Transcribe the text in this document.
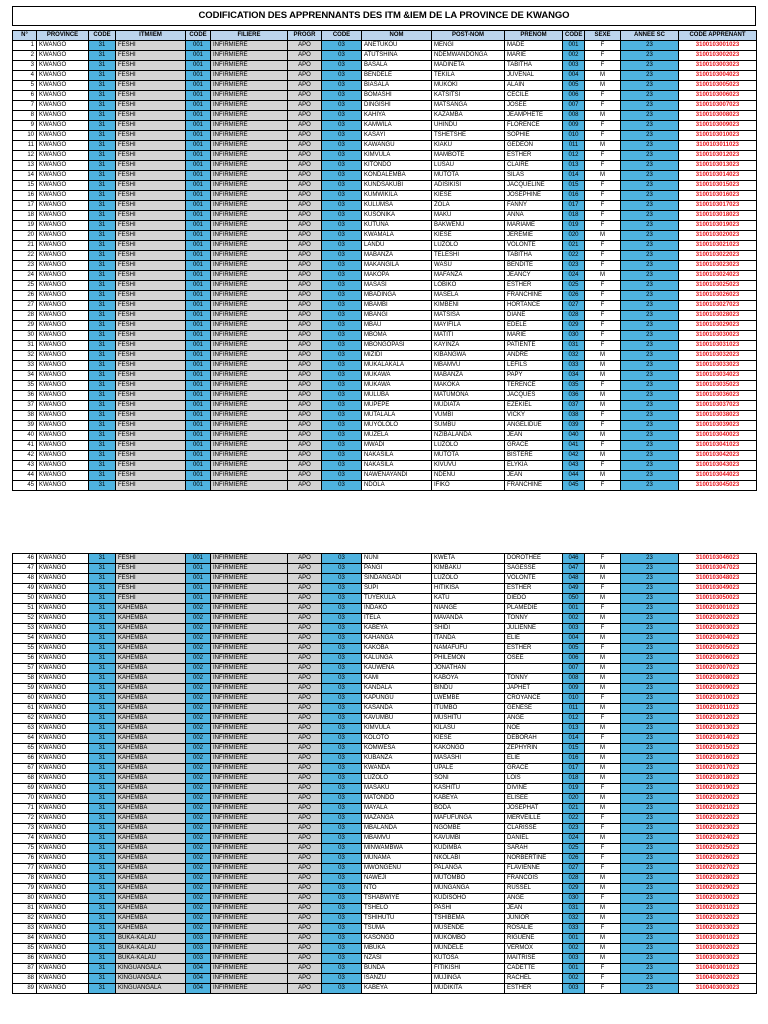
CODIFICATION DES APPRENNANTS DES ITM &IEM DE LA PROVINCE DE KWANGO
N°	PROVINCE	CODE	ITM/IEM	CODE	FILIERE	PROGR	CODE	NOM	POST-NOM	PRENOM	CODE	SEXE	ANNEE SC	CODE APPRENANT
1	KWANGO	31	FESHI	001	INFIRMIERE	APO	03	ANETUKOU	MENGI	MADE	001	F	23	3100103001023
2	KWANGO	31	FESHI	001	INFIRMIERE	APO	03	ATUTSHINA	NDEMWANDONGA	MARIE	002	F	23	3100103002023
3	KWANGO	31	FESHI	001	INFIRMIERE	APO	03	BASALA	MADINETA	TABITHA	003	F	23	3100103003023
4	KWANGO	31	FESHI	001	INFIRMIERE	APO	03	BENDELE	TEKILA	JUVENAL	004	M	23	3100103004023
5	KWANGO	31	FESHI	001	INFIRMIERE	APO	03	BIASALA	MUKOKI	ALAIN	005	M	23	3100103005023
6	KWANGO	31	FESHI	001	INFIRMIERE	APO	03	BOMASHI	KATSITSI	CECILE	006	F	23	3100103006023
7	KWANGO	31	FESHI	001	INFIRMIERE	APO	03	DINGISHI	MATSANGA	JOSEE	007	F	23	3100103007023
8	KWANGO	31	FESHI	001	INFIRMIERE	APO	03	KAHIYA	KAZAMBA	JEAMPHETE	008	M	23	3100103008023
9	KWANGO	31	FESHI	001	INFIRMIERE	APO	03	KAMWILA	UHINDU	FLORENCE	009	F	23	3100103009023
10	KWANGO	31	FESHI	001	INFIRMIERE	APO	03	KASAYI	TSHETSHE	SOPHIE	010	F	23	3100103010023
11	KWANGO	31	FESHI	001	INFIRMIERE	APO	03	KAWANGU	KIAKU	GEDEON	011	M	23	3100103011023
12	KWANGO	31	FESHI	001	INFIRMIERE	APO	03	KIMVULA	MAMBOTE	ESTHER	012	F	23	3100103012023
13	KWANGO	31	FESHI	001	INFIRMIERE	APO	03	KITONDO	LUSAU	CLAIRE	013	F	23	3100103013023
14	KWANGO	31	FESHI	001	INFIRMIERE	APO	03	KONDALEMBA	MUTOTA	SILAS	014	M	23	3100103014023
15	KWANGO	31	FESHI	001	INFIRMIERE	APO	03	KUNDSAKUBI	ADISIKISI	JACQUELINE	015	F	23	3100103015023
16	KWANGO	31	FESHI	001	INFIRMIERE	APO	03	KUMWIKILA	KIESE	JOSEPHINE	016	F	23	3100103016023
17	KWANGO	31	FESHI	001	INFIRMIERE	APO	03	KULUMSA	ZOLA	FANNY	017	F	23	3100103017023
18	KWANGO	31	FESHI	001	INFIRMIERE	APO	03	KUSONIKA	MAKU	ANNA	018	F	23	3100103018023
19	KWANGO	31	FESHI	001	INFIRMIERE	APO	03	KUTUNA	BAKWENU	MARIAME	019	F	23	3100103019023
20	KWANGO	31	FESHI	001	INFIRMIERE	APO	03	KWAMALA	KIESE	JEREMIE	020	M	23	3100103020023
21	KWANGO	31	FESHI	001	INFIRMIERE	APO	03	LANDU	LUZOLO	VOLONTE	021	F	23	3100103021023
22	KWANGO	31	FESHI	001	INFIRMIERE	APO	03	MABANZA	TELESHI	TABITHA	022	F	23	3100103022023
23	KWANGO	31	FESHI	001	INFIRMIERE	APO	03	MAKANGILA	WASU	BENDITE	023	F	23	3100103023023
24	KWANGO	31	FESHI	001	INFIRMIERE	APO	03	MAKOPA	MAFANZA	JEANCY	024	M	23	3100103024023
25	KWANGO	31	FESHI	001	INFIRMIERE	APO	03	MASASI	LOBIKO	ESTHER	025	F	23	3100103025023
26	KWANGO	31	FESHI	001	INFIRMIERE	APO	03	MBADINGA	MASELA	FRANCHINE	026	F	23	3100103026023
27	KWANGO	31	FESHI	001	INFIRMIERE	APO	03	MBAMBI	KIMBENI	HORTANCE	027	F	23	3100103027023
28	KWANGO	31	FESHI	001	INFIRMIERE	APO	03	MBANGI	MATSISA	DIANE	028	F	23	3100103028023
29	KWANGO	31	FESHI	001	INFIRMIERE	APO	03	MBAU	MAYIFILA	EDELE	029	F	23	3100103029023
30	KWANGO	31	FESHI	001	INFIRMIERE	APO	03	MBOMA	MATITI	MARIE	030	F	23	3100103030023
31	KWANGO	31	FESHI	001	INFIRMIERE	APO	03	MBONGOPASI	KAYINZA	PATIENTE	031	F	23	3100103031023
32	KWANGO	31	FESHI	001	INFIRMIERE	APO	03	MIZIDI	KIBANGWA	ANDRE	032	M	23	3100103032023
33	KWANGO	31	FESHI	001	INFIRMIERE	APO	03	MUKALAKALA	MBAMVU	LEFILS	033	M	23	3100103033023
34	KWANGO	31	FESHI	001	INFIRMIERE	APO	03	MUKAWA	MABANZA	PAPY	034	M	23	3100103034023
35	KWANGO	31	FESHI	001	INFIRMIERE	APO	03	MUKAWA	MAKOKA	TERENCE	035	F	23	3100103035023
36	KWANGO	31	FESHI	001	INFIRMIERE	APO	03	MULUBA	MATUMONA	JACQUES	036	M	23	3100103036023
37	KWANGO	31	FESHI	001	INFIRMIERE	APO	03	MUPEPE	MUDIATA	EZEKIEL	037	M	23	3100103037023
38	KWANGO	31	FESHI	001	INFIRMIERE	APO	03	MUTALALA	VUMBI	VICKY	038	F	23	3100103038023
39	KWANGO	31	FESHI	001	INFIRMIERE	APO	03	MUYOLOLO	SUMBU	ANGELIDUE	039	F	23	3100103039023
40	KWANGO	31	FESHI	001	INFIRMIERE	APO	03	MUZELA	NZIBALANDA	JEAN	040	M	23	3100103040023
41	KWANGO	31	FESHI	001	INFIRMIERE	APO	03	MWADI	LUZOLO	GRACE	041	F	23	3100103041023
42	KWANGO	31	FESHI	001	INFIRMIERE	APO	03	NAKASILA	MUTOTA	BISTERE	042	M	23	3100103042023
43	KWANGO	31	FESHI	001	INFIRMIERE	APO	03	NAKASILA	KIVUVU	ELYKIA	043	F	23	3100103043023
44	KWANGO	31	FESHI	001	INFIRMIERE	APO	03	NAWENAYANDI	NDENU	JEAN	044	M	23	3100103044023
45	KWANGO	31	FESHI	001	INFIRMIERE	APO	03	NDOLA	IFIKO	FRANCHINE	045	F	23	3100103045023
46	KWANGO	31	FESHI	001	INFIRMIERE	APO	03	NUNI	KWETA	DOROTHEE	046	F	23	3100103046023
47	KWANGO	31	FESHI	001	INFIRMIERE	APO	03	PANGI	KIMBAKU	SAGESSE	047	M	23	3100103047023
48	KWANGO	31	FESHI	001	INFIRMIERE	APO	03	SINDANGADI	LUZOLO	VOLONTE	048	M	23	3100103048023
49	KWANGO	31	FESHI	001	INFIRMIERE	APO	03	SUPI	HITIKISA	ESTHER	049	F	23	3100103049023
50	KWANGO	31	FESHI	001	INFIRMIERE	APO	03	TUYEKULA	KATU	DIEDO	050	M	23	3100103050023
51	KWANGO	31	KAHEMBA	002	INFIRMIERE	APO	03	INDAKO	NIANGE	PLAMEDIE	001	F	23	3100203001023
52	KWANGO	31	KAHEMBA	002	INFIRMIERE	APO	03	ITELA	MAVANDA	TONNY	002	M	23	3100203002023
53	KWANGO	31	KAHEMBA	002	INFIRMIERE	APO	03	KABEYA	SHIDI	JULIENNE	003	F	23	3100203003023
54	KWANGO	31	KAHEMBA	002	INFIRMIERE	APO	03	KAHANGA	ITANDA	ELIE	004	M	23	3100203004023
55	KWANGO	31	KAHEMBA	002	INFIRMIERE	APO	03	KAKOBA	NAMAFUFU	ESTHER	005	F	23	3100203005023
56	KWANGO	31	KAHEMBA	002	INFIRMIERE	APO	03	KALUNGA	PHILEMON	OSEE	006	M	23	3100203006023
57	KWANGO	31	KAHEMBA	002	INFIRMIERE	APO	03	KAUWENA	JONATHAN		007	M	23	3100203007023
58	KWANGO	31	KAHEMBA	002	INFIRMIERE	APO	03	KAMI	KABOYA	TONNY	008	M	23	3100203008023
59	KWANGO	31	KAHEMBA	002	INFIRMIERE	APO	03	KANDALA	BINDU	JAPHET	009	M	23	3100203009023
60	KWANGO	31	KAHEMBA	002	INFIRMIERE	APO	03	KAPUNGU	LWEMBE	CROYANCE	010	F	23	3100203010023
61	KWANGO	31	KAHEMBA	002	INFIRMIERE	APO	03	KASANDA	ITUMBO	GENESE	011	M	23	3100203011023
62	KWANGO	31	KAHEMBA	002	INFIRMIERE	APO	03	KAVUMBU	MUSHITU	ANGE	012	F	23	3100203012023
63	KWANGO	31	KAHEMBA	002	INFIRMIERE	APO	03	KIMVULA	KILASU	NOE	013	M	23	3100203013023
64	KWANGO	31	KAHEMBA	002	INFIRMIERE	APO	03	KOLOTO	KIESE	DEBORAH	014	F	23	3100203014023
65	KWANGO	31	KAHEMBA	002	INFIRMIERE	APO	03	KOMWESA	KAKONGO	ZEPHYRIN	015	M	23	3100203015023
66	KWANGO	31	KAHEMBA	002	INFIRMIERE	APO	03	KUBANZA	MASASHI	ELIE	016	M	23	3100203016023
67	KWANGO	31	KAHEMBA	002	INFIRMIERE	APO	03	KWANDA	UPALE	GRACE	017	M	23	3100203017023
68	KWANGO	31	KAHEMBA	002	INFIRMIERE	APO	03	LUZOLO	SONI	LOIS	018	M	23	3100203018023
69	KWANGO	31	KAHEMBA	002	INFIRMIERE	APO	03	MASAKU	KASHITU	DIVINE	019	F	23	3100203019023
70	KWANGO	31	KAHEMBA	002	INFIRMIERE	APO	03	MATONDO	KABEYA	ELISEE	020	M	23	3100203020023
71	KWANGO	31	KAHEMBA	002	INFIRMIERE	APO	03	MAYALA	BODA	JOSEPHAT	021	M	23	3100203021023
72	KWANGO	31	KAHEMBA	002	INFIRMIERE	APO	03	MAZANGA	MAFUFUNGA	MERVEILLE	022	F	23	3100203022023
73	KWANGO	31	KAHEMBA	002	INFIRMIERE	APO	03	MBALANDA	NGOMBE	CLARISSE	023	F	23	3100203023023
74	KWANGO	31	KAHEMBA	002	INFIRMIERE	APO	03	MBAMVU	KAVUMBI	DANIEL	024	M	23	3100203024023
75	KWANGO	31	KAHEMBA	002	INFIRMIERE	APO	03	MINWAMBWA	KUDIMBA	SARAH	025	F	23	3100203025023
76	KWANGO	31	KAHEMBA	002	INFIRMIERE	APO	03	MUNAMA	NKOLABI	NORBERTINE	026	F	23	3100203026023
77	KWANGO	31	KAHEMBA	002	INFIRMIERE	APO	03	MWONGENU	PALANGA	FLAVIENNE	027	F	23	3100203027023
78	KWANGO	31	KAHEMBA	002	INFIRMIERE	APO	03	NAWEJI	MUTOMBO	FRANCOIS	028	M	23	3100203028023
79	KWANGO	31	KAHEMBA	002	INFIRMIERE	APO	03	NTO	MUNGANGA	RUSSEL	029	M	23	3100203029023
80	KWANGO	31	KAHEMBA	002	INFIRMIERE	APO	03	TSHABWIYE	KUDISOHO	ANGE	030	F	23	3100203030023
81	KWANGO	31	KAHEMBA	002	INFIRMIERE	APO	03	TSHELO	PASHI	JEAN	031	M	23	3100203031023
82	KWANGO	31	KAHEMBA	002	INFIRMIERE	APO	03	TSHIHUTU	TSHIBEMA	JUNIOR	032	M	23	3100203032023
83	KWANGO	31	KAHEMBA	002	INFIRMIERE	APO	03	TSUMA	MUSENDE	ROSALIE	033	F	23	3100203033023
84	KWANGO	31	BUKA-KALAU	003	INFIRMIERE	APO	03	KASONGO	MUKOMBO	RIGUENE	001	M	23	3100303001023
85	KWANGO	31	BUKA-KALAU	003	INFIRMIERE	APO	03	MBUKA	MUNDELE	VERMOX	002	M	23	3100303002023
86	KWANGO	31	BUKA-KALAU	003	INFIRMIERE	APO	03	NZASI	KUTOSA	MAITRISE	003	M	23	3100303003023
87	KWANGO	31	KINGUANGALA	004	INFIRMIERE	APO	03	BUNDA	FITIKISHI	CADETTE	001	F	23	3100403001023
88	KWANGO	31	KINGUANGALA	004	INFIRMIERE	APO	03	ISANZU	MUJINGA	RACHEL	002	F	23	3100403002023
89	KWANGO	31	KINGUANGALA	004	INFIRMIERE	APO	03	KABEYA	MUDIKITA	ESTHER	003	F	23	3100403003023
